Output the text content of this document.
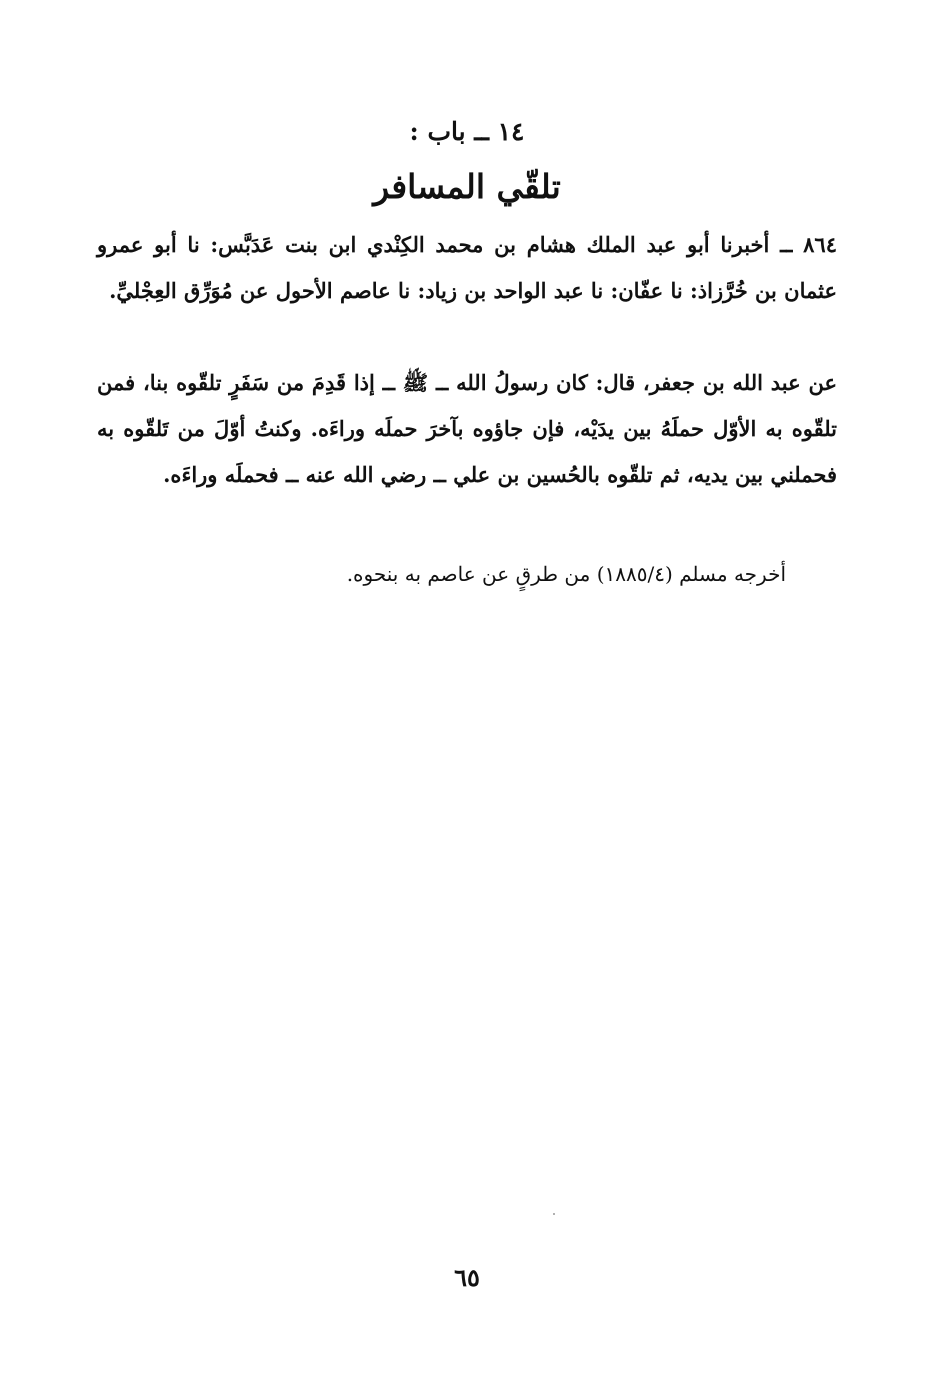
١٤ ــ باب :
تلقّي المسافر
٨٦٤ ــ أخبرنا أبو عبد الملك هشام بن محمد الكِنْدي ابن بنت عَدَبَّس: نا أبو عمرو عثمان بن خُرَّزاذ: نا عفّان: نا عبد الواحد بن زياد: نا عاصم الأحول عن مُوَرِّق العِجْليِّ.
عن عبد الله بن جعفر، قال: كان رسولُ الله ــ ﷺ ــ إذا قَدِمَ من سَفَرٍ تلقّوه بنا، فمن تلقّوه به الأوّل حملَهُ بين يدَيْه، فإن جاؤوه بآخرَ حملَه وراءَه. وكنتُ أوّلَ من تَلقّوه به فحملني بين يديه، ثم تلقّوه بالحُسين بن علي ــ رضي الله عنه ــ فحملَه وراءَه.
أخرجه مسلم (١٨٨٥/٤) من طرقٍ عن عاصم به بنحوه.
٦٥
